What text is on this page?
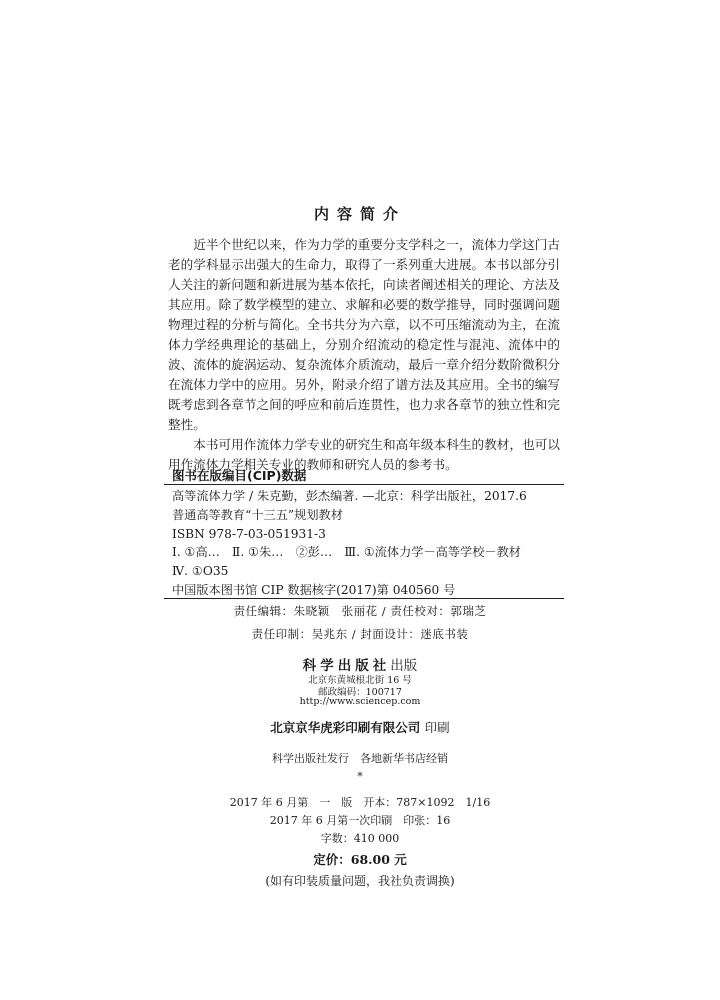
内容简介

近半个世纪以来，作为力学的重要分支学科之一，流体力学这门古老的学科显示出强大的生命力，取得了一系列重大进展。本书以部分引人关注的新问题和新进展为基本依托，向读者阐述相关的理论、方法及其应用。除了数学模型的建立、求解和必要的数学推导，同时强调问题物理过程的分析与简化。全书共分为六章，以不可压缩流动为主，在流体力学经典理论的基础上，分别介绍流动的稳定性与混沌、流体中的波、流体的旋涡运动、复杂流体介质流动，最后一章介绍分数阶微积分在流体力学中的应用。另外，附录介绍了谱方法及其应用。全书的编写既考虑到各章节之间的呼应和前后连贯性，也力求各章节的独立性和完整性。

本书可用作流体力学专业的研究生和高年级本科生的教材，也可以用作流体力学相关专业的教师和研究人员的参考书。

图书在版编目(CIP)数据
高等流体力学 / 朱克勤，彭杰编著. —北京：科学出版社，2017.6
普通高等教育“十三五”规划教材
ISBN 978-7-03-051931-3
Ⅰ. ①高…　Ⅱ. ①朱…　②彭…　Ⅲ. ①流体力学－高等学校－教材
Ⅳ. ①O35
中国版本图书馆 CIP 数据核字(2017)第 040560 号
责任编辑：朱晓颖　张丽花 / 责任校对：郭瑞芝
责任印制：吴兆东 / 封面设计：迷底书装
科学出版社出版
北京东黄城根北街 16 号
邮政编码：100717
http://www.sciencep.com
北京京华虎彩印刷有限公司 印刷
科学出版社发行　各地新华书店经销
*
2017 年 6 月第　一　版　开本：787×1092　1/16
2017 年 6 月第一次印刷　印张：16
字数：410 000
定价：68.00 元
(如有印装质量问题，我社负责调换)
